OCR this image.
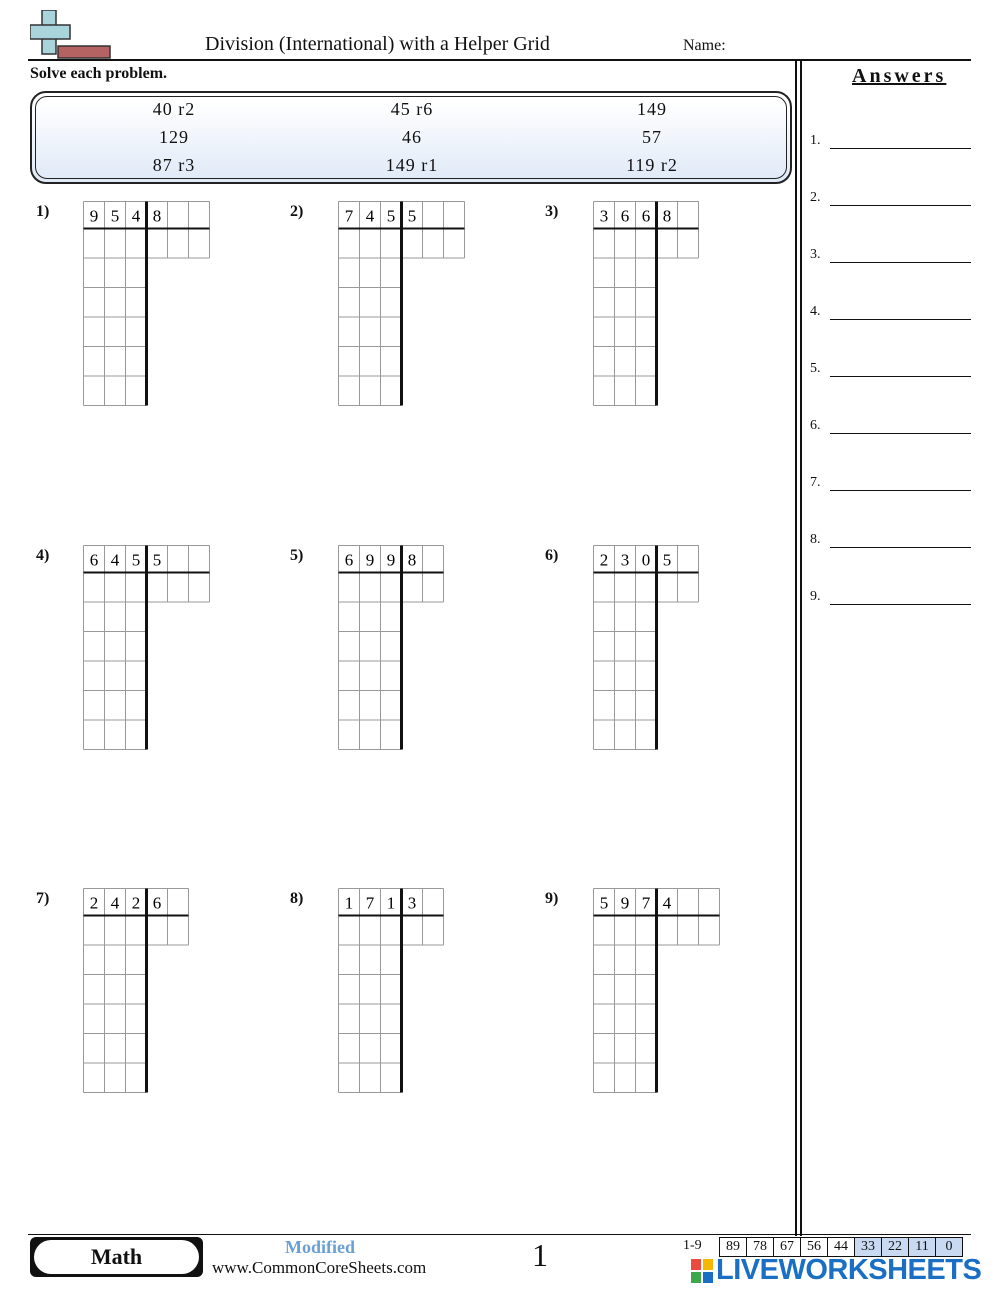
Division (International) with a Helper Grid	Name:
Solve each problem.
40 r2	45 r6	149
129	46	57
87 r3	149 r1	119 r2
1)	2)	3)
4)	5)	6)
7)	8)	9)
9 5 4 8	7 4 5 5	3 6 6 8
6 4 5 5	6 9 9 8	2 3 0 5
2 4 2 6	1 7 1 3	5 9 7 4
Answers
1.
2.
3.
4.
5.
6.
7.
8.
9.
Math	Modified
www.CommonCoreSheets.com	1	1-9	89 78 67 56 44 33 22 11	0
LIVEWORKSHEETS
